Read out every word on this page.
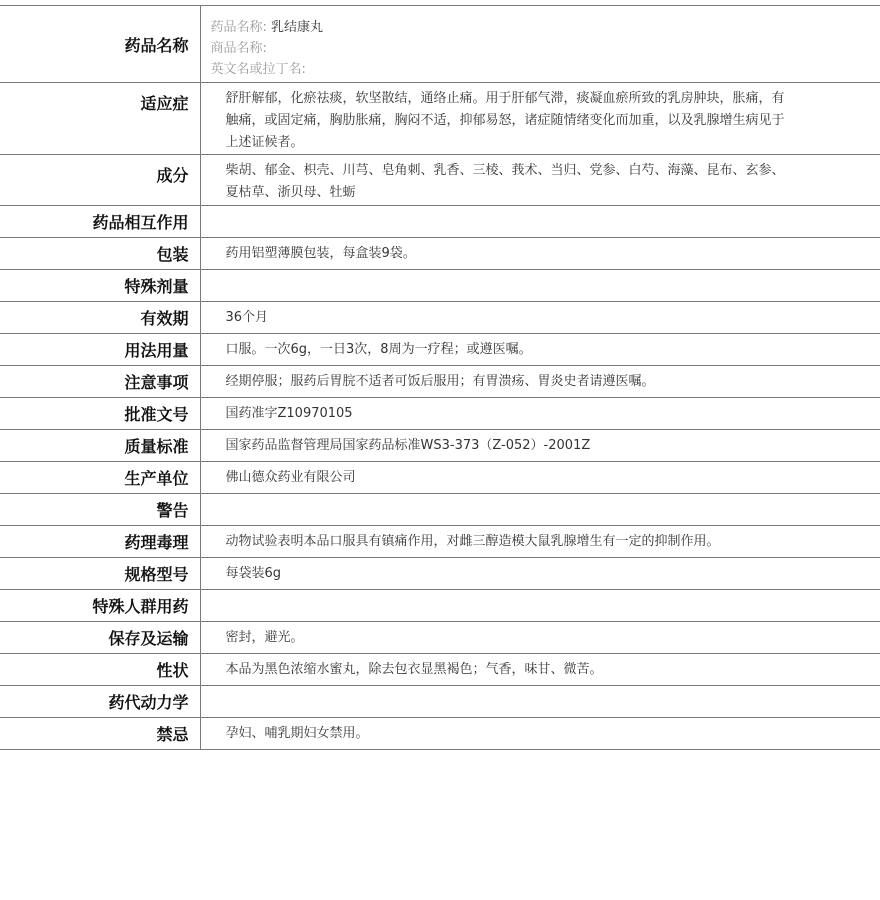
药品名称	药品名称: 乳结康丸
商品名称:
英文名或拉丁名:

适应症	舒肝解郁，化瘀祛痰，软坚散结，通络止痛。用于肝郁气滞，痰凝血瘀所致的乳房肿块，胀痛，有触痛，或固定痛，胸肋胀痛，胸闷不适，抑郁易怒，诸症随情绪变化而加重，以及乳腺增生病见于上述证候者。
成分	柴胡、郁金、枳壳、川芎、皂角刺、乳香、三棱、莪术、当归、党参、白芍、海藻、昆布、玄参、夏枯草、浙贝母、牡蛎
药品相互作用	
包装	药用铝塑薄膜包装，每盒装9袋。
特殊剂量	
有效期	36个月
用法用量	口服。一次6g，一日3次，8周为一疗程；或遵医嘱。
注意事项	经期停服；服药后胃脘不适者可饭后服用；有胃溃疡、胃炎史者请遵医嘱。
批准文号	国药准字Z10970105
质量标准	国家药品监督管理局国家药品标准WS3-373（Z-052）-2001Z
生产单位	佛山德众药业有限公司
警告	
药理毒理	动物试验表明本品口服具有镇痛作用，对雌三醇造模大鼠乳腺增生有一定的抑制作用。
规格型号	每袋装6g
特殊人群用药	
保存及运输	密封，避光。
性状	本品为黑色浓缩水蜜丸，除去包衣显黑褐色；气香，味甘、微苦。
药代动力学	
禁忌	孕妇、哺乳期妇女禁用。
